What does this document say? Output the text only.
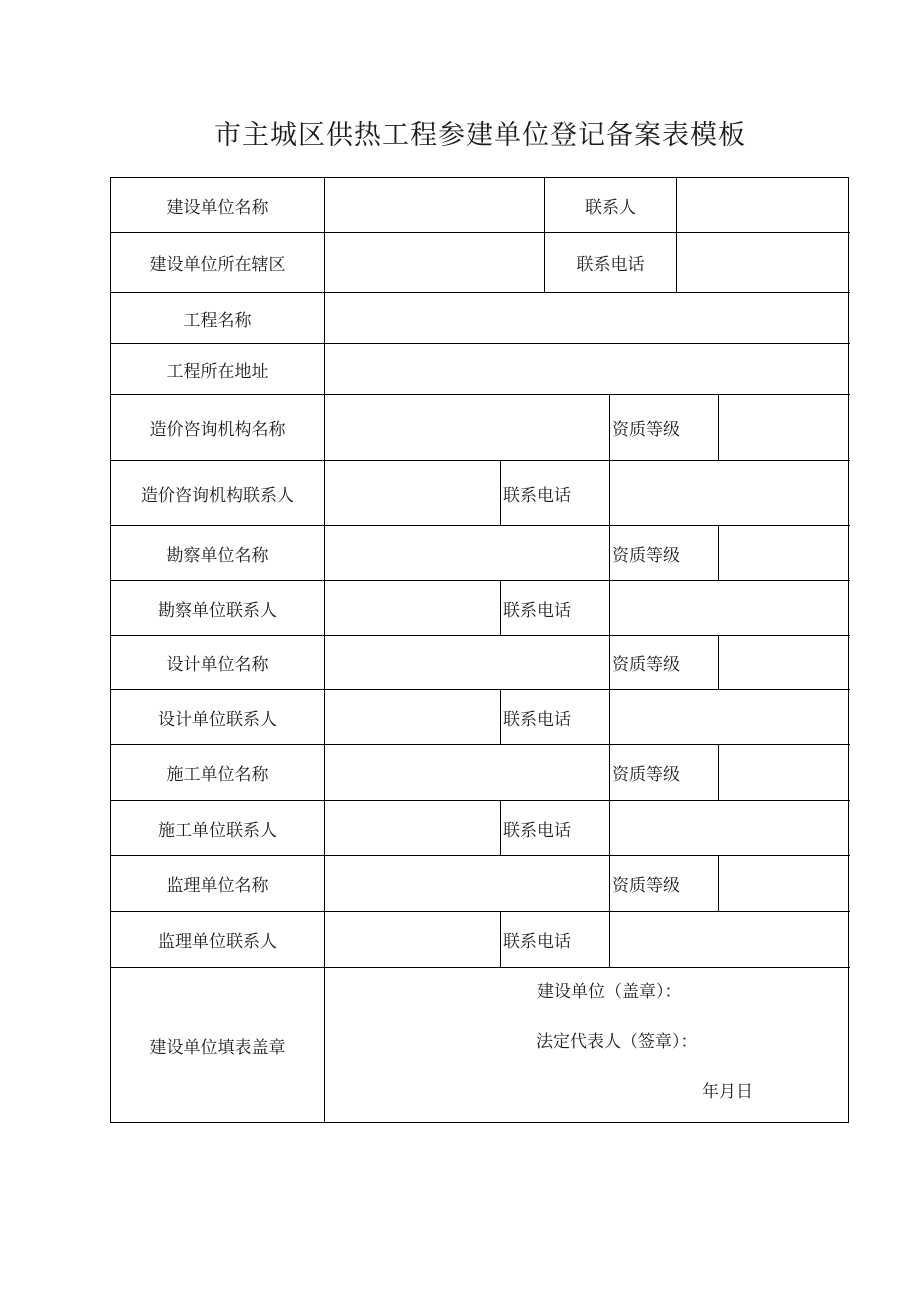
市主城区供热工程参建单位登记备案表模板
建设单位名称	联系人
建设单位所在辖区	联系电话
工程名称
工程所在地址
造价咨询机构名称	资质等级
造价咨询机构联系人	联系电话
勘察单位名称	资质等级
勘察单位联系人	联系电话
设计单位名称	资质等级
设计单位联系人	联系电话
施工单位名称	资质等级
施工单位联系人	联系电话
监理单位名称	资质等级
监理单位联系人	联系电话
建设单位填表盖章
建设单位（盖章）：
法定代表人（签章）：
年月日
